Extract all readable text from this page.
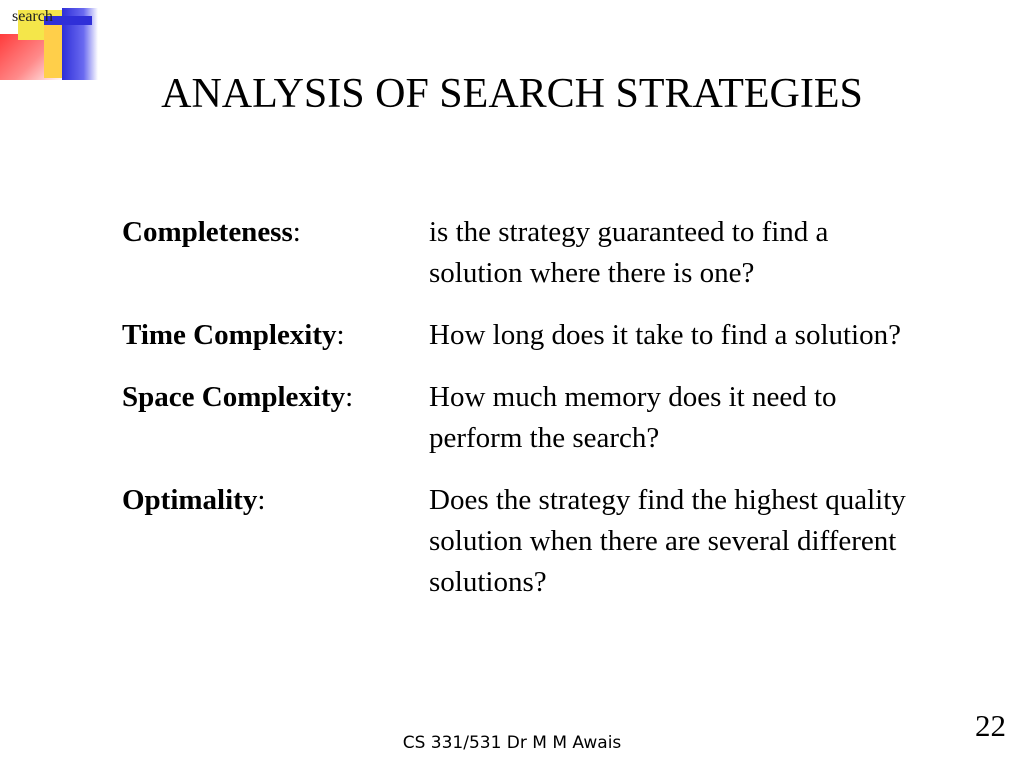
search
ANALYSIS OF SEARCH STRATEGIES
Completeness:	is the strategy guaranteed to find a solution where there is one?
Time Complexity:	How long does it take to find a solution?
Space Complexity:	How much memory does it need to perform the search?
Optimality:	Does the strategy find the highest quality solution when there are several different solutions?
CS 331/531 Dr M M Awais	22
